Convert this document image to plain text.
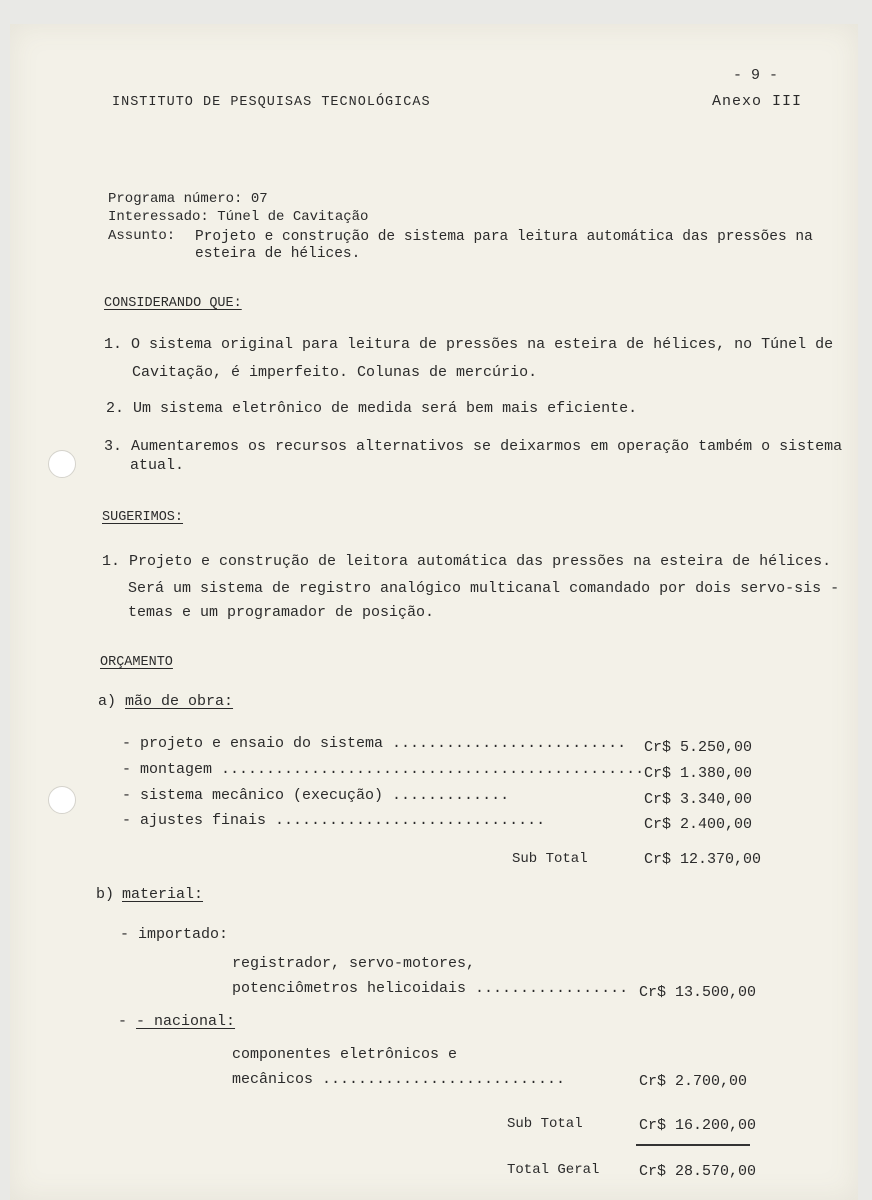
INSTITUTO DE PESQUISAS TECNOLÓGICAS
- 9 -
Anexo III
Programa número: 07
Interessado: Túnel de Cavitação
Assunto: Projeto e construção de sistema para leitura automática das pressões na
esteira de hélices.
CONSIDERANDO QUE:
1. O sistema original para leitura de pressões na esteira de hélices, no Túnel de
Cavitação, é imperfeito. Colunas de mercúrio.
2. Um sistema eletrônico de medida será bem mais eficiente.
3. Aumentaremos os recursos alternativos se deixarmos em operação também o sistema
atual.
SUGERIMOS:
1. Projeto e construção de leitora automática das pressões na esteira de hélices.
Será um sistema de registro analógico multicanal comandado por dois servo-sis -
temas e um programador de posição.
ORÇAMENTO
a) mão de obra:
- projeto e ensaio do sistema .......................... Cr$ 5.250,00
- montagem ............................................... Cr$ 1.380,00
- sistema mecânico (execução) .............	Cr$ 3.340,00
- ajustes finais ..............................	Cr$ 2.400,00
Sub Total	Cr$ 12.370,00
b) material:
- importado:
registrador, servo-motores,
potenciômetros helicoidais ................. Cr$ 13.500,00
- - nacional:
componentes eletrônicos e
mecânicos ...........................	Cr$ 2.700,00
Sub Total	Cr$ 16.200,00
Total Geral	Cr$ 28.570,00
